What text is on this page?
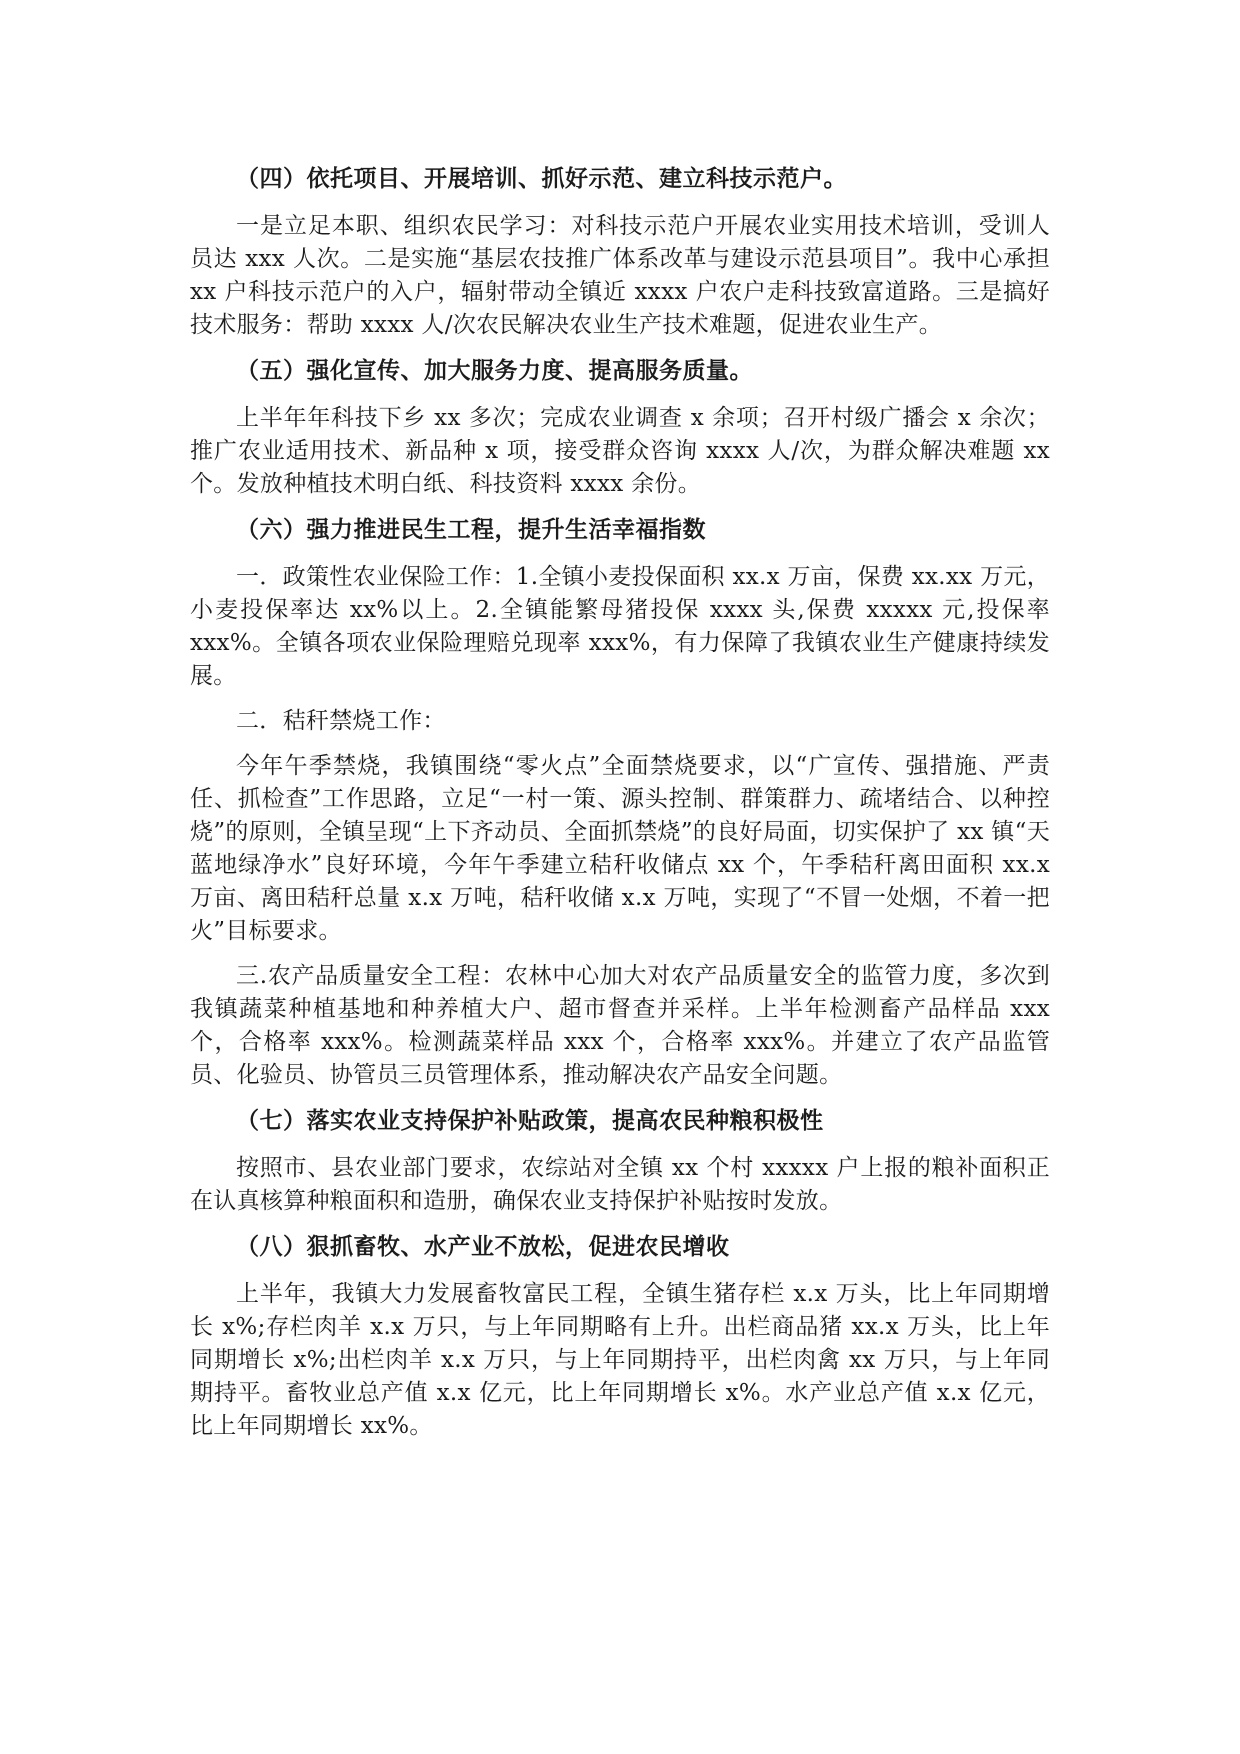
（四）依托项目、开展培训、抓好示范、建立科技示范户。

一是立足本职、组织农民学习：对科技示范户开展农业实用技术培训，受训人员达 xxx 人次。二是实施“基层农技推广体系改革与建设示范县项目”。我中心承担 xx 户科技示范户的入户，辐射带动全镇近 xxxx 户农户走科技致富道路。三是搞好技术服务：帮助 xxxx 人/次农民解决农业生产技术难题，促进农业生产。

（五）强化宣传、加大服务力度、提高服务质量。

上半年年科技下乡 xx 多次；完成农业调查 x 余项；召开村级广播会 x 余次；推广农业适用技术、新品种 x 项，接受群众咨询 xxxx 人/次，为群众解决难题 xx 个。发放种植技术明白纸、科技资料 xxxx 余份。

（六）强力推进民生工程，提升生活幸福指数

一．政策性农业保险工作：1.全镇小麦投保面积 xx.x 万亩，保费 xx.xx 万元，小麦投保率达 xx%以上。2.全镇能繁母猪投保 xxxx 头,保费 xxxxx 元,投保率 xxx%。全镇各项农业保险理赔兑现率 xxx%，有力保障了我镇农业生产健康持续发展。

二．秸秆禁烧工作：

今年午季禁烧，我镇围绕“零火点”全面禁烧要求，以“广宣传、强措施、严责任、抓检查”工作思路，立足“一村一策、源头控制、群策群力、疏堵结合、以种控烧”的原则，全镇呈现“上下齐动员、全面抓禁烧”的良好局面，切实保护了 xx 镇“天蓝地绿净水”良好环境，今年午季建立秸秆收储点 xx 个，午季秸秆离田面积 xx.x 万亩、离田秸秆总量 x.x 万吨，秸秆收储 x.x 万吨，实现了“不冒一处烟，不着一把火”目标要求。

三.农产品质量安全工程：农林中心加大对农产品质量安全的监管力度，多次到我镇蔬菜种植基地和种养植大户、超市督查并采样。上半年检测畜产品样品 xxx 个，合格率 xxx%。检测蔬菜样品 xxx 个，合格率 xxx%。并建立了农产品监管员、化验员、协管员三员管理体系，推动解决农产品安全问题。

（七）落实农业支持保护补贴政策，提高农民种粮积极性

按照市、县农业部门要求，农综站对全镇 xx 个村 xxxxx 户上报的粮补面积正在认真核算种粮面积和造册，确保农业支持保护补贴按时发放。

（八）狠抓畜牧、水产业不放松，促进农民增收

上半年，我镇大力发展畜牧富民工程，全镇生猪存栏 x.x 万头，比上年同期增长 x%;存栏肉羊 x.x 万只，与上年同期略有上升。出栏商品猪 xx.x 万头，比上年同期增长 x%;出栏肉羊 x.x 万只，与上年同期持平，出栏肉禽 xx 万只，与上年同期持平。畜牧业总产值 x.x 亿元，比上年同期增长 x%。水产业总产值 x.x 亿元，比上年同期增长 xx%。
